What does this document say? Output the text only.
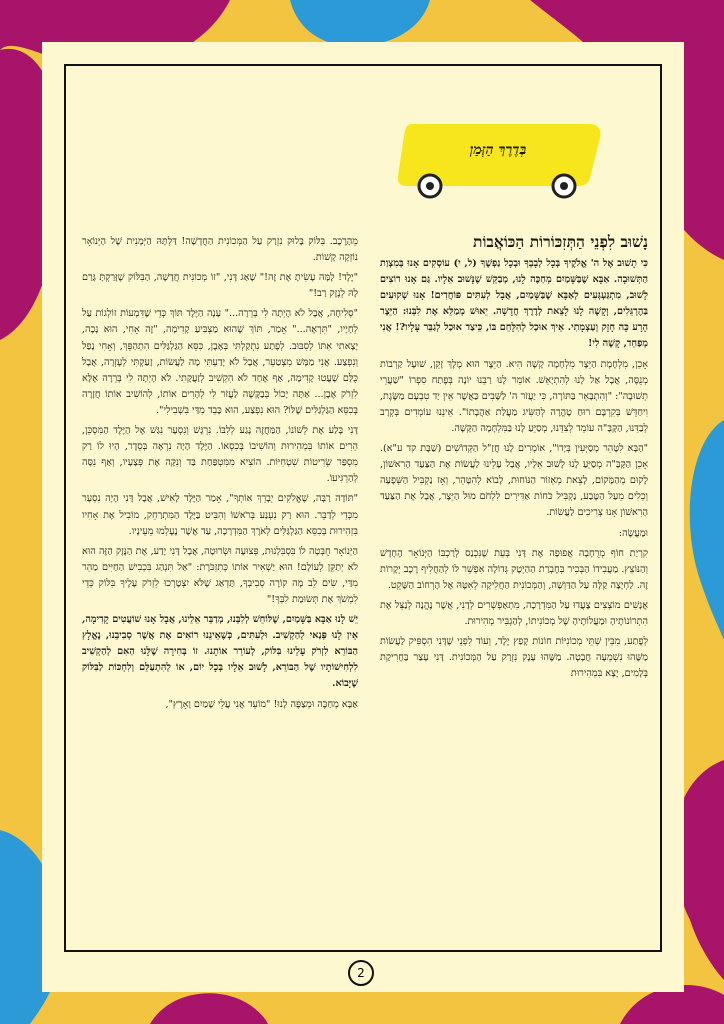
בְּדֶרֶךְ הַזְּמַן

נָשׁוּב לִפְנֵי הַתְּזִכּוֹרוֹת הַכּוֹאֲבוֹת

כִּי תָשׁוּב אֶל ה' אֱלֹקֶיךָ בְּכָל לְבָבְךָ וּבְכָל נַפְשֶׁךָ (ל, י) עוֹסְקִים אָנוּ בְּמִצְוַת הַתְּשׁוּבָה. אַבָּא שֶׁבַּשָּׁמַיִם מְחַכֶּה לָנוּ, מְבַקֵּשׁ שֶׁנָּשׁוּב אֵלָיו. גַּם אָנוּ רוֹצִים לָשׁוּב, מִתְגַּעְגְּעִים לְאַבָּא שֶׁבַּשָּׁמַיִם, אֲבָל לְעִתִּים פּוֹחֲדִים! אָנוּ שְׁקוּעִים בַּהֶרְגֵּלִים, וְקָשֶׁה לָנוּ לָצֵאת לְדֶרֶךְ חֲדָשָׁה. יֵאוּשׁ מְמַלֵּא אֶת לִבֵּנוּ: הַיֵּצֶר הָרָע כָּה חָזָק וְעַצְמָתִי. אֵיךְ אוּכַל לְהִלָּחֵם בּוֹ, כֵּיצַד אוּכַל לְגַבֵּר עָלָיו?! אֲנִי מְפַחֵד, קָשֶׁה לִי!

אָכֵן, מִלְחֶמֶת הַיֵּצֶר מִלְחָמָה קָשָׁה הִיא. הַיֵּצֶר הוּא מֶלֶךְ זָקֵן, שׁוּעָל קַרְבוֹת מְנֻסֶּה, אֲבָל אַל לָנוּ לְהִתְיָאֵשׁ. אוֹמֵר לָנוּ רַבֵּנוּ יוֹנָה בְּפֶתַח סִפְרוֹ "שַׁעֲרֵי תְשׁוּבָה": "וְהִתְבָּאֵר בַּתּוֹרָה, כִּי יַעֲזֹר ה' לַשָּׁבִים כַּאֲשֶׁר אֵין יַד טִבְעָם מַשֶּׂגֶת, וִיחַדֵּשׁ בְּקִרְבָּם רוּחַ טָהֳרָה לְהַשִּׂיג מַעֲלַת אַהֲבָתוֹ". אֵינֵנוּ עוֹמְדִים בְּקְרָב לְבַדֵּנוּ, הַקָּבָּ"ה עוֹמֵד לְצִדֵּנוּ, מְסַיֵּעַ לָנוּ בַּמִּלְחָמָה הַקָּשָׁה.

"הַבָּא לִטָּהֵר מְסַיְּעִין בְּיָדוֹ", אוֹמְרִים לָנוּ חֲזַ"ל הַקְּדוֹשִׁים (שַׁבָּת קד ע"א). אָכֵן הַקָּבָּ"ה מְסַיֵּעַ לָנוּ לָשׁוּב אֵלָיו, אֲבָל עָלֵינוּ לַעֲשׂוֹת אֶת הַצַּעַד הָרִאשׁוֹן, לָקוּם מֵהַמָּקוֹם, לָצֵאת מֵאֵזוֹר הַנּוֹחוּת, לָבוֹא לְהִטָּהֵר, וְאָז נַקְבִּיל הַשְּׁפָעָה וְכֵלִים מֵעַל הַטֶּבַע, נַקְבִּיל כֹּחוֹת אַדִּירִים לִלְחֹם מוּל הַיֵּצֶר, אֲבָל אֶת הַצַּעַד הָרִאשׁוֹן אָנוּ צְרִיכִים לַעֲשׂוֹת.

וּמַעֲשֶׂה:

קִרְיַת חוֹף מְרֻחָבָה אֲפוּפָה אֶת דָּנִי בְּעֵת שֶׁנִּכְנַס לְרַכְבּוֹ הַיְּנוֹאָר הֶחָדָשׁ וְהַנּוֹצֵץ. מַעֲבִידוֹ הַבְּכִיר בְּחֶבְרַת הַהַיְטֶק גְּדוֹלָה אִפְשֵׁר לוֹ לְהַחֲלִיף רֶכֶב יְקָרוֹת זֶה. לַחְיָצָה קַלָּה עַל הַדַּוְשָׁה, וְהַמְּכוֹנִית הַחֲלִיקָה לְאִטָּהּ אֶל הָרְחוֹב הַשָּׁקֵט.

אֲנָשִׁים מוֹצְצִים צָעֲדוּ עַל הַמִּדְרָכָה, מִתְאַפְשְׁרִים לְדָנִי, אֲשֶׁר נֶהֱנָה לְנַצֵּל אֶת הִתְרוֹנוֹתֶיהָ וּמַעֲלוֹתֶיהָ שֶׁל מְכוֹנִיתוֹ, לְהַגְבִּיר מְהִירוּת.

לְפֶתַע, מִבֵּין שְׁתֵּי מְכוֹנִיּוֹת חוֹנוֹת קָפַץ יֶלֶד, וְעוֹד לִפְנֵי שֶׁדָּנִי הִסְפִּיק לַעֲשׂוֹת מַשֶּׁהוּ נִשְׁמְעָה חֲבָטָה. מַשֶּׁהוּ עָנָק נִזְרַק עַל הַמְּכוֹנִית. דָּנִי עָצַר בַּחֲרִיקַת בְּלָמִים, יָצָא בִּמְהִירוּת

מֵהָרֶכֶב. בִּלּוֹק בָּלוּק נִזְרַק עַל הַמְּכוֹנִית הַחֲדָשָׁה! דַּלְתָּהּ הַיְּמָנִית שֶׁל הַיְּנוֹאָר נוֹזְקָה קָשׁוֹת.

"יֶלֶד! לָמָּה עָשִׂיתָ אֶת זֶה!" שָׁאַג דָּנִי, "זוֹ מְכוֹנִית חֲדָשָׁה, הַבִּלּוֹק שֶׁזָּרַקְתָּ גָּרַם לָהּ לְנֶזֶק רַב!"

"סְלִיחָה, אֲבָל לֹא הָיְתָה לִי בְּרֵרָה..." עָנָה הַיֶּלֶד תּוֹךְ כְּדֵי שֶׁדִּמְעוֹת זוֹלְגוֹת עַל לְחָיָיו, "תִּרְאֶה..." אָמַר, תּוֹךְ שֶׁהוּא מַצְבִּיעַ קָדִימָה, "זֶה אָחִי, הוּא נָכֶה, יָצָאתִי אִתּוֹ לְסִבּוּב. לְפֶתַע נִתְקַלְתִּי בְּאֶבֶן, כִּסֵּא הַגַּלְגַּלִּים הִתְהַפֵּךְ, וְאָחִי נָפַל וְנִפְצַע. אֲנִי מַמָּשׁ מִצְטַעֵר, אֲבָל לֹא יָדַעְתִּי מָה לַעֲשׂוֹת, זָעַקְתִּי לְעֶזְרָה, אֲבָל כֻּלָּם שָׁעֲטוּ קָדִימָה, אַף אֶחָד לֹא הִקְשִׁיב לְזַעֲקָתִי. לֹא הָיְתָה לִי בְּרֵרָה אֶלָּא לִזְרֹק אֶבֶן... אַתָּה יָכוֹל בְּבַקָּשָׁה לַעֲזֹר לִי לְהָרִים אוֹתוֹ, לְהוֹשִׁיב אוֹתוֹ חֲזָרָה בְּכִסֵּא הַגַּלְגַּלִּים שֶׁלּוֹ? הוּא נִפְצַע, הוּא כָּבֵד מִדַּי בִּשְׁבִילִי".

דָּנִי בָּלַע אֶת לְשׁוֹנוֹ, הַמַּחֲזֶה נָגַע לְלִבּוֹ. נִרְגָּשׁ וְנִסְעָר נִגַּשׁ אֶל הַיֶּלֶד הַמִּסְכֵּן, הֵרִים אוֹתוֹ בִּמְהִירוּת וְהוֹשִׁיבוֹ בְּכִסְאוֹ. הַיֶּלֶד הָיָה נִרְאֶה בְּסֵדֶר, הָיוּ לוֹ רַק מִסְפַּר שְׂרִיטוֹת שִׁטְחִיּוֹת. הוֹצִיא מִמִּטְפַּחַת בַּד וְנִקָּה אֶת פְּצָעָיו, וְאַף נִסָּה לְהַרְגִּיעוֹ.

"תּוֹדָה רַבָּה, שֶׁאֱלֹקִים יְבָרֵךְ אוֹתְךָ", אָמַר הַיֶּלֶד לָאִישׁ, אֲבָל דָּנִי הָיָה נִסְעָר מִכְּדֵי לְדַבֵּר. הוּא רַק נִעְנַע בְּרֹאשׁוֹ וְהִבִּיט בַּיֶּלֶד הַמִּתְרַחֵק, מוֹבִיל אֶת אָחִיו בִּזְהִירוּת בְּכִסֵּא הַגַּלְגַּלִּים לְאֹרֶךְ הַמִּדְרָכָה, עַד אֲשֶׁר נֶעֶלְמוּ מֵעֵינָיו.

הַיְּנוֹאָר חֻבְּטָה לוֹ בִּסְבִּלָנוּת, פְּצוּעָה וּשְׂרוּטָה, אֲבָל דָּנִי יָדַע, אֶת הַנֶּזֶק הַזֶּה הוּא לֹא יְתַקֵּן לְעוֹלָם! הוּא יַשְׁאִיר אוֹתוֹ כְּתִזְכֹּרֶת: "אַל תִּנְהַג בִּכְבִישׁ הַחַיִּים מַהֵר מִדַּי, שִׂים לֵב מָה קוֹרֶה סְבִיבְךָ, תַּדְאַג שֶׁלֹּא יִצְטָרְכוּ לִזְרֹק עָלֶיךָ בִּלּוֹק כְּדֵי לִמְשֹׁךְ אֶת תְּשׂוּמַת לִבְּךָ!"

יֵשׁ לָנוּ אַבָּא בַּשָּׁמַיִם, שֶׁלּוֹחֵשׁ לְלִבֵּנוּ, מְדַבֵּר אֵלֵינוּ, אֲבָל אָנוּ שׁוֹעֲטִים קָדִימָה, אֵין לָנוּ פְּנַאי לְהַקְשִׁיב. וּלְעִתִּים, כְּשֶׁאֵינֵנוּ רוֹאִים אֶת אֲשֶׁר סְבִיבֵנוּ, נֶאֱלָץ הַבּוֹרֵא לִזְרֹק עָלֵינוּ בִּלּוֹק, לְעוֹרֵר אוֹתָנוּ. זוֹ בְּחִירָה שֶׁלָּנוּ הַאִם לְהַקְשִׁיב לִלְחִישׁוֹתָיו שֶׁל הַבּוֹרֵא, לָשׁוּב אֵלָיו בְּכָל יוֹם, אוֹ לְהִתְעַלֵּם וְלִחְכּוֹת לַבִּלּוֹק שֶׁיָּבוֹא.

אַבָּא מְחַכֶּה וּמְצַפֶּה לָנוּ! "מוֹעֵד אֲנִי עֲלֵי שָׁמַיִם וָאָרֶץ",

2
